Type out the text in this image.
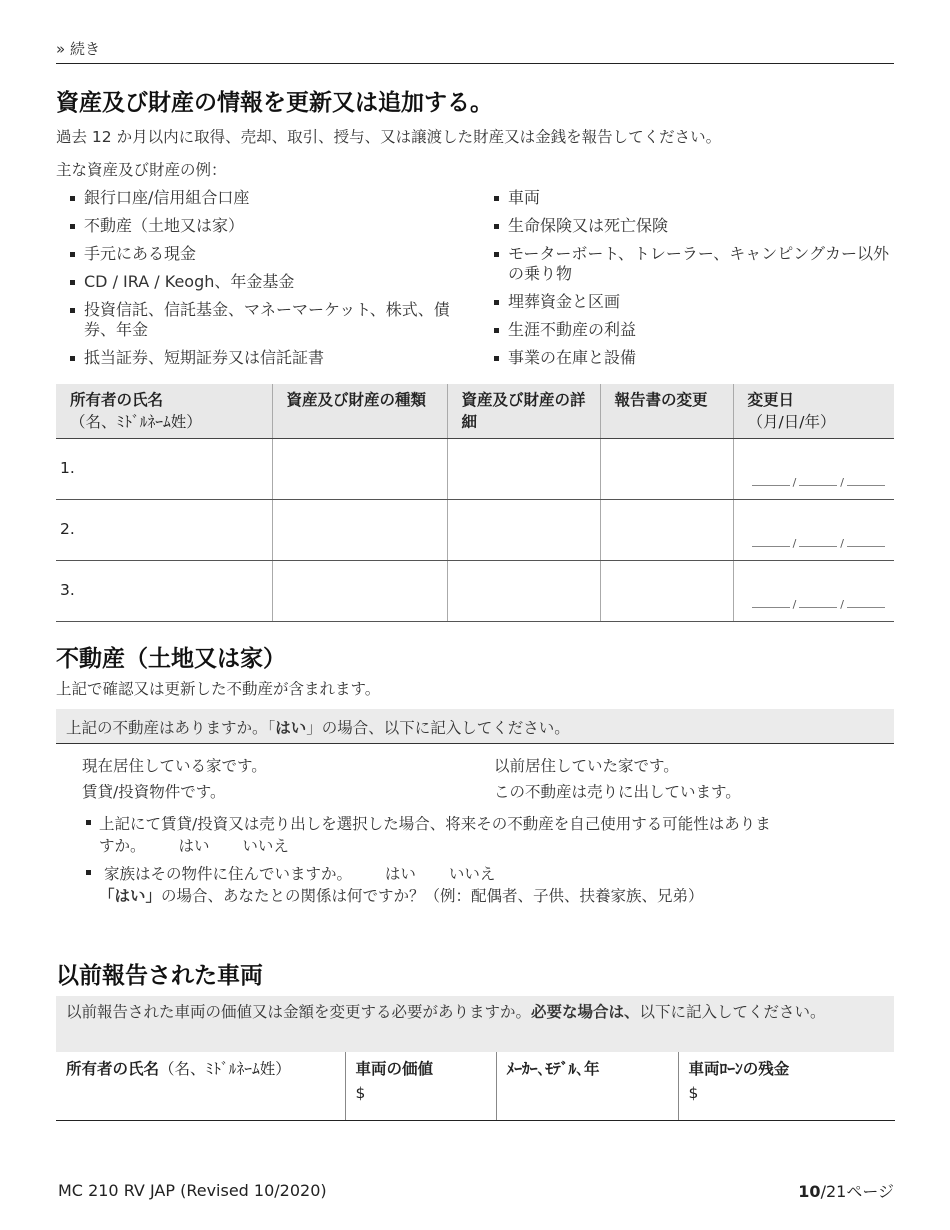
» 続き
資産及び財産の情報を更新又は追加する。
過去 12 か月以内に取得、売却、取引、授与、又は譲渡した財産又は金銭を報告してください。
主な資産及び財産の例：
銀行口座/信用組合口座
不動産（土地又は家）
手元にある現金
CD / IRA / Keogh、年金基金
投資信託、信託基金、マネーマーケット、株式、債券、年金
抵当証券、短期証券又は信託証書
車両
生命保険又は死亡保険
モーターボート、トレーラー、キャンピングカー以外の乗り物
埋葬資金と区画
生涯不動産の利益
事業の在庫と設備
所有者の氏名
（名、ﾐﾄﾞﾙﾈｰﾑ姓）	資産及び財産の種類	資産及び財産の詳細	報告書の変更	変更日
（月/日/年）

1.				/ /

2.				/ /

3.				/ /
不動産（土地又は家）
上記で確認又は更新した不動産が含まれます。
上記の不動産はありますか。「はい」の場合、以下に記入してください。
現在居住している家です。	以前居住していた家です。
賃貸/投資物件です。	この不動産は売りに出しています。
上記にて賃貸/投資又は売り出しを選択した場合、将来その不動産を自己使用する可能性はありま
すか。 はい いいえ
家族はその物件に住んでいますか。 はい いいえ
「はい」の場合、あなたとの関係は何ですか？（例：配偶者、子供、扶養家族、兄弟）
以前報告された車両
以前報告された車両の価値又は金額を変更する必要がありますか。必要な場合は、以下に記入してください。
所有者の氏名（名、ﾐﾄﾞﾙﾈｰﾑ姓）	車両の価値	ﾒｰｶｰ､ﾓﾃﾞﾙ､年	車両ﾛｰﾝの残金
	$		$
MC 210 RV JAP (Revised 10/2020)	10/21ページ
